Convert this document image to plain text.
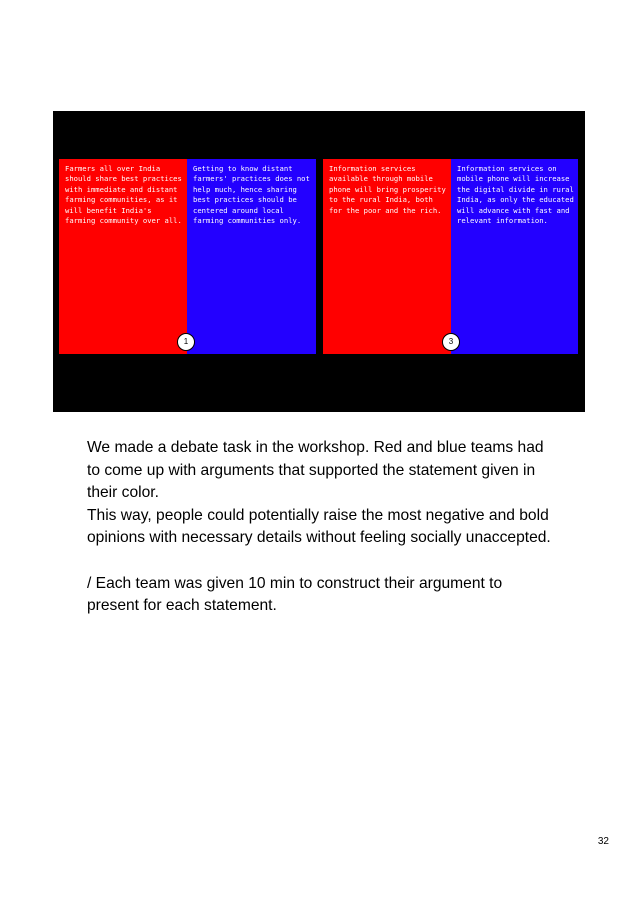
Farmers all over India should share best practices with immediate and distant farming communities, as it will benefit India's farming community over all.
Getting to know distant farmers' practices does not help much, hence sharing best practices should be centered around local farming communities only.
Information services available through mobile phone will bring prosperity to the rural India, both for the poor and the rich.
Information services on mobile phone will increase the digital divide in rural India, as only the educated will advance with fast and relevant information.
1	3

We made a debate task in the workshop. Red and blue teams had to come up with arguments that supported the statement given in their color.

This way, people could potentially raise the most negative and bold opinions with necessary details without feeling socially unaccepted.

/ Each team was given 10 min to construct their argument to present for each statement.

32
